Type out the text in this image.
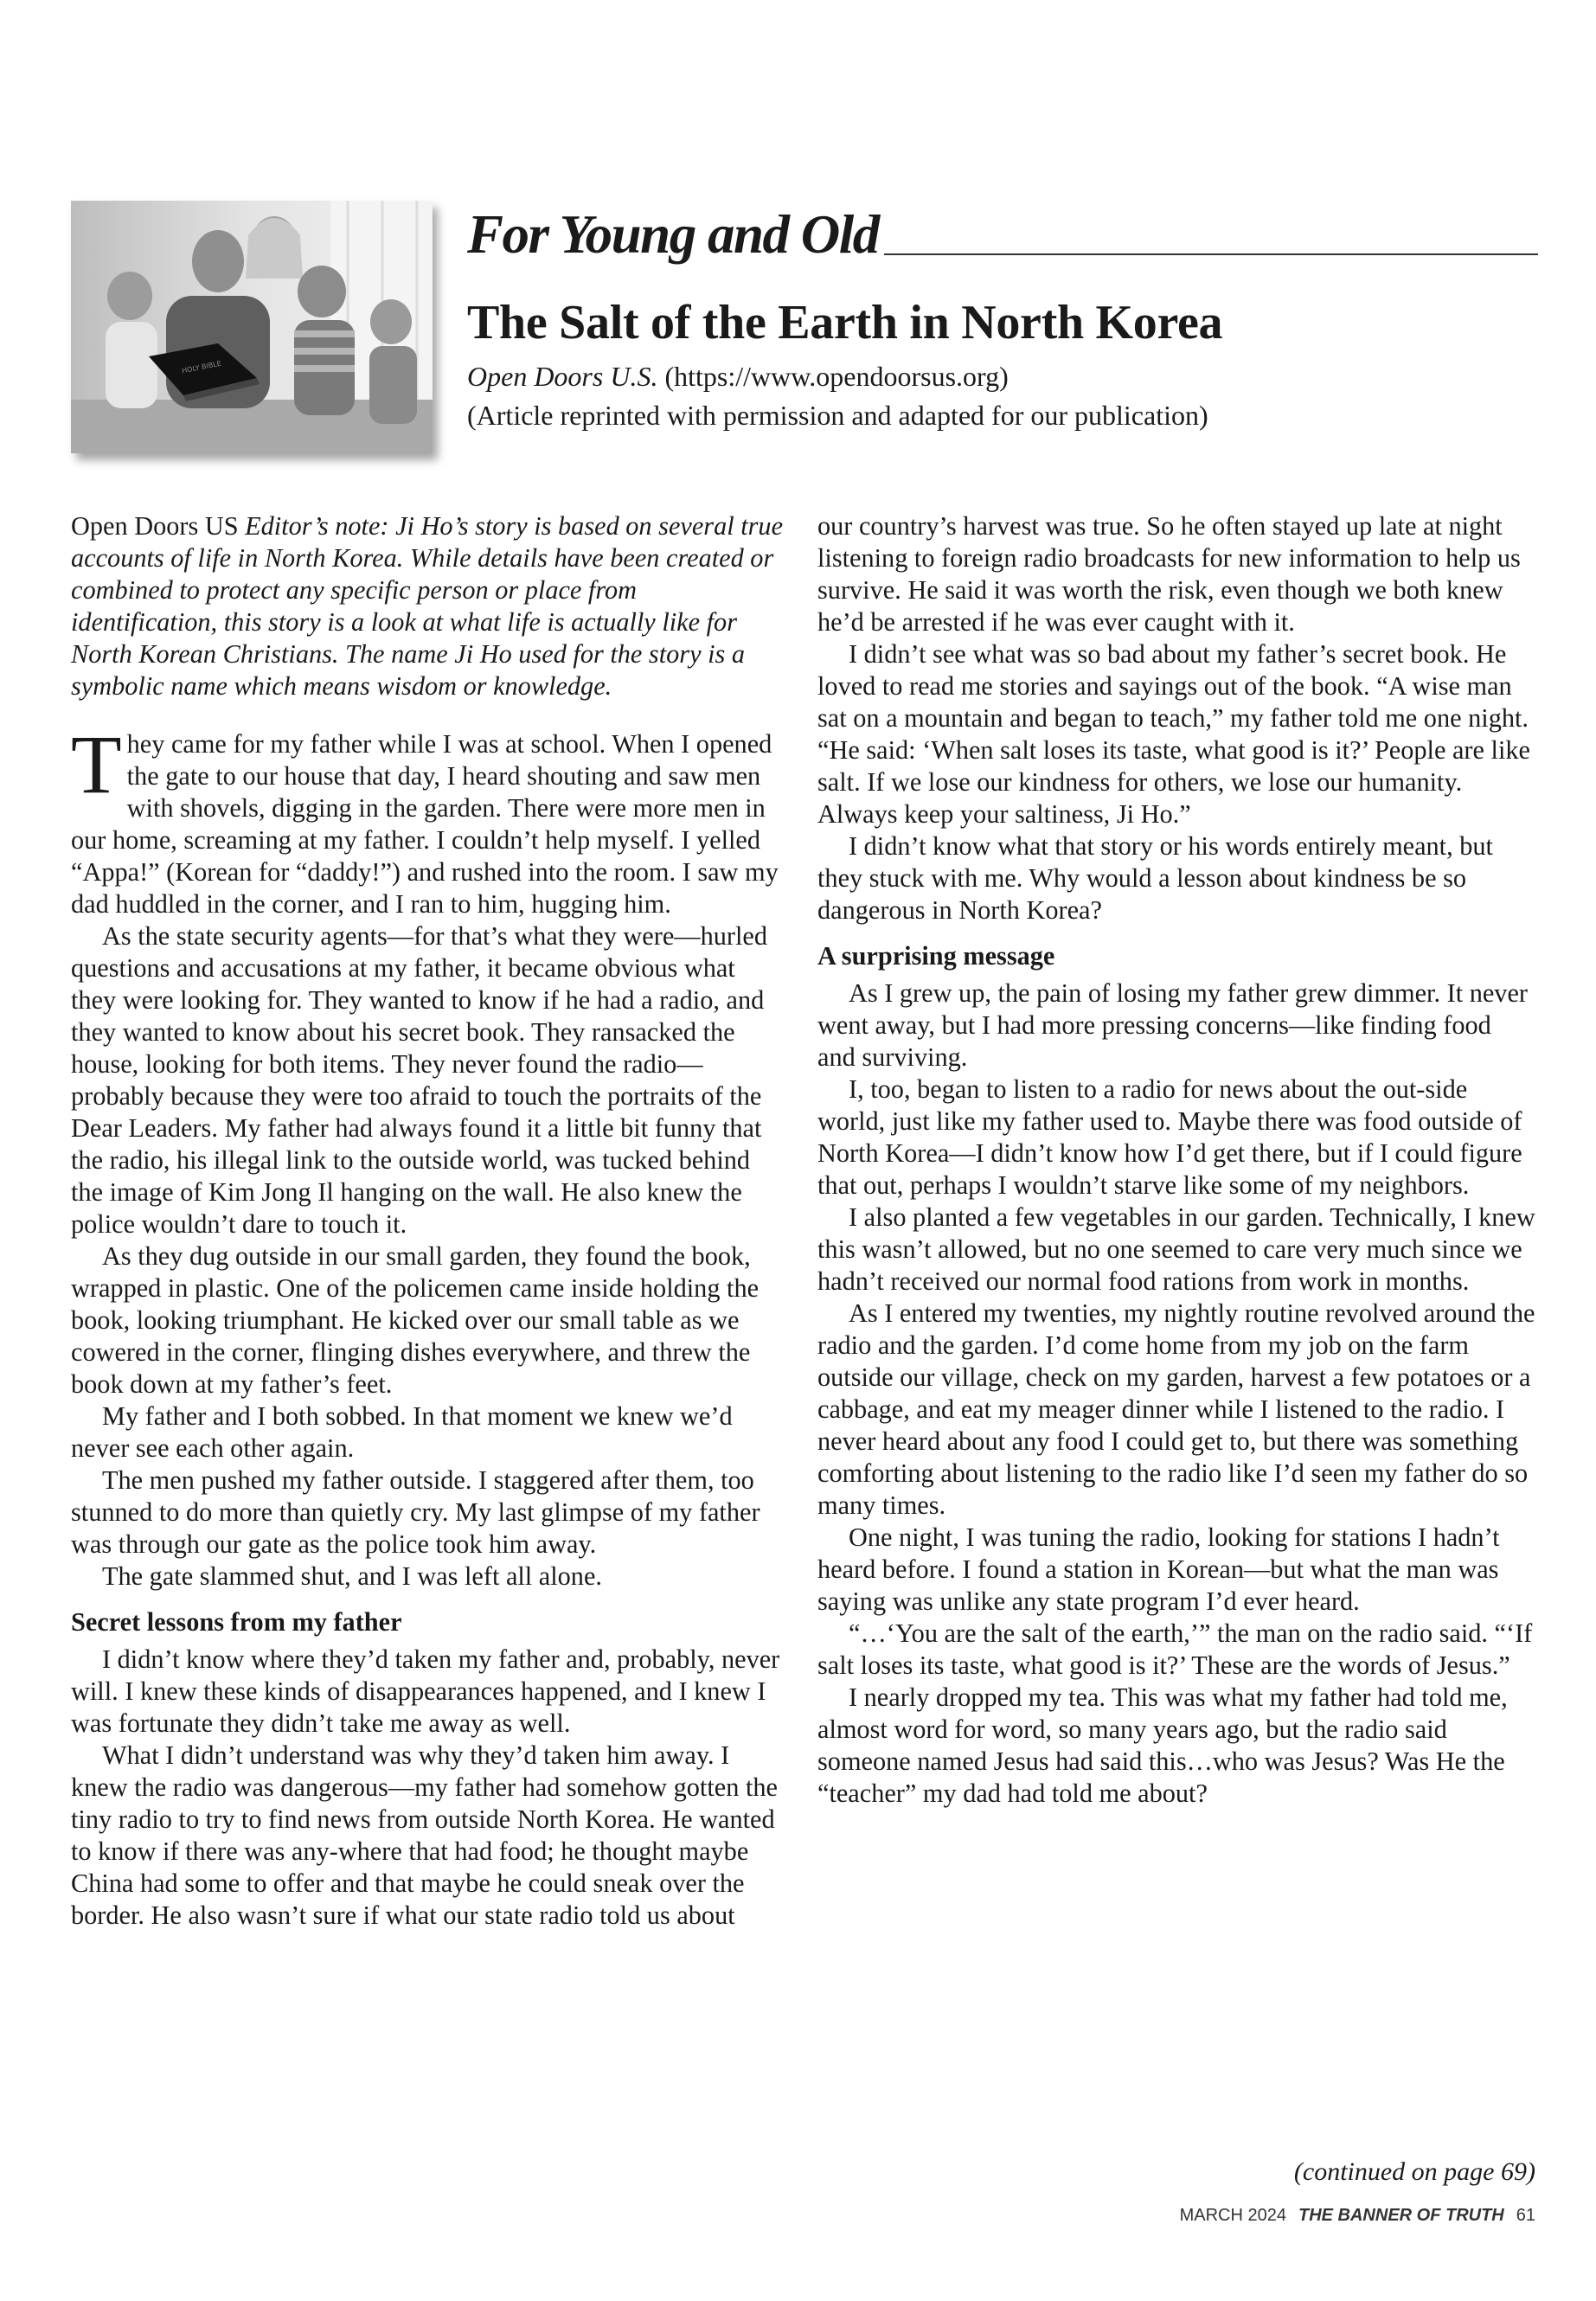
HOLY BIBLE
For Young and Old
The Salt of the Earth in North Korea
Open Doors U.S. (https://www.opendoorsus.org)
(Article reprinted with permission and adapted for our publication)

Open Doors US Editor’s note: Ji Ho’s story is based on several true accounts of life in North Korea. While details have been created or combined to protect any specific person or place from identification, this story is a look at what life is actually like for North Korean Christians. The name Ji Ho used for the story is a symbolic name which means wisdom or knowledge.

They came for my father while I was at school. When I opened the gate to our house that day, I heard shouting and saw men with shovels, digging in the garden. There were more men in our home, screaming at my father. I couldn’t help myself. I yelled “Appa!” (Korean for “daddy!”) and rushed into the room. I saw my dad huddled in the corner, and I ran to him, hugging him.

As the state security agents—for that’s what they were—hurled questions and accusations at my father, it became obvious what they were looking for. They wanted to know if he had a radio, and they wanted to know about his secret book. They ransacked the house, looking for both items. They never found the radio—probably because they were too afraid to touch the portraits of the Dear Leaders. My father had always found it a little bit funny that the radio, his illegal link to the outside world, was tucked behind the image of Kim Jong Il hanging on the wall. He also knew the police wouldn’t dare to touch it.

As they dug outside in our small garden, they found the book, wrapped in plastic. One of the policemen came inside holding the book, looking triumphant. He kicked over our small table as we cowered in the corner, flinging dishes everywhere, and threw the book down at my father’s feet.

My father and I both sobbed. In that moment we knew we’d never see each other again.

The men pushed my father outside. I staggered after them, too stunned to do more than quietly cry. My last glimpse of my father was through our gate as the police took him away.

The gate slammed shut, and I was left all alone.

Secret lessons from my father

I didn’t know where they’d taken my father and, probably, never will. I knew these kinds of disappearances happened, and I knew I was fortunate they didn’t take me away as well.

What I didn’t understand was why they’d taken him away. I knew the radio was dangerous—my father had somehow gotten the tiny radio to try to find news from outside North Korea. He wanted to know if there was any-where that had food; he thought maybe China had some to offer and that maybe he could sneak over the border. He also wasn’t sure if what our state radio told us about

our country’s harvest was true. So he often stayed up late at night listening to foreign radio broadcasts for new information to help us survive. He said it was worth the risk, even though we both knew he’d be arrested if he was ever caught with it.

I didn’t see what was so bad about my father’s secret book. He loved to read me stories and sayings out of the book. “A wise man sat on a mountain and began to teach,” my father told me one night. “He said: ‘When salt loses its taste, what good is it?’ People are like salt. If we lose our kindness for others, we lose our humanity. Always keep your saltiness, Ji Ho.”

I didn’t know what that story or his words entirely meant, but they stuck with me. Why would a lesson about kindness be so dangerous in North Korea?

A surprising message

As I grew up, the pain of losing my father grew dimmer. It never went away, but I had more pressing concerns—like finding food and surviving.

I, too, began to listen to a radio for news about the out-side world, just like my father used to. Maybe there was food outside of North Korea—I didn’t know how I’d get there, but if I could figure that out, perhaps I wouldn’t starve like some of my neighbors.

I also planted a few vegetables in our garden. Technically, I knew this wasn’t allowed, but no one seemed to care very much since we hadn’t received our normal food rations from work in months.

As I entered my twenties, my nightly routine revolved around the radio and the garden. I’d come home from my job on the farm outside our village, check on my garden, harvest a few potatoes or a cabbage, and eat my meager dinner while I listened to the radio. I never heard about any food I could get to, but there was something comforting about listening to the radio like I’d seen my father do so many times.

One night, I was tuning the radio, looking for stations I hadn’t heard before. I found a station in Korean—but what the man was saying was unlike any state program I’d ever heard.

“…‘You are the salt of the earth,’” the man on the radio said. “‘If salt loses its taste, what good is it?’ These are the words of Jesus.”

I nearly dropped my tea. This was what my father had told me, almost word for word, so many years ago, but the radio said someone named Jesus had said this…who was Jesus? Was He the “teacher” my dad had told me about?

(continued on page 69)
MARCH 2024 THE BANNER OF TRUTH 61
